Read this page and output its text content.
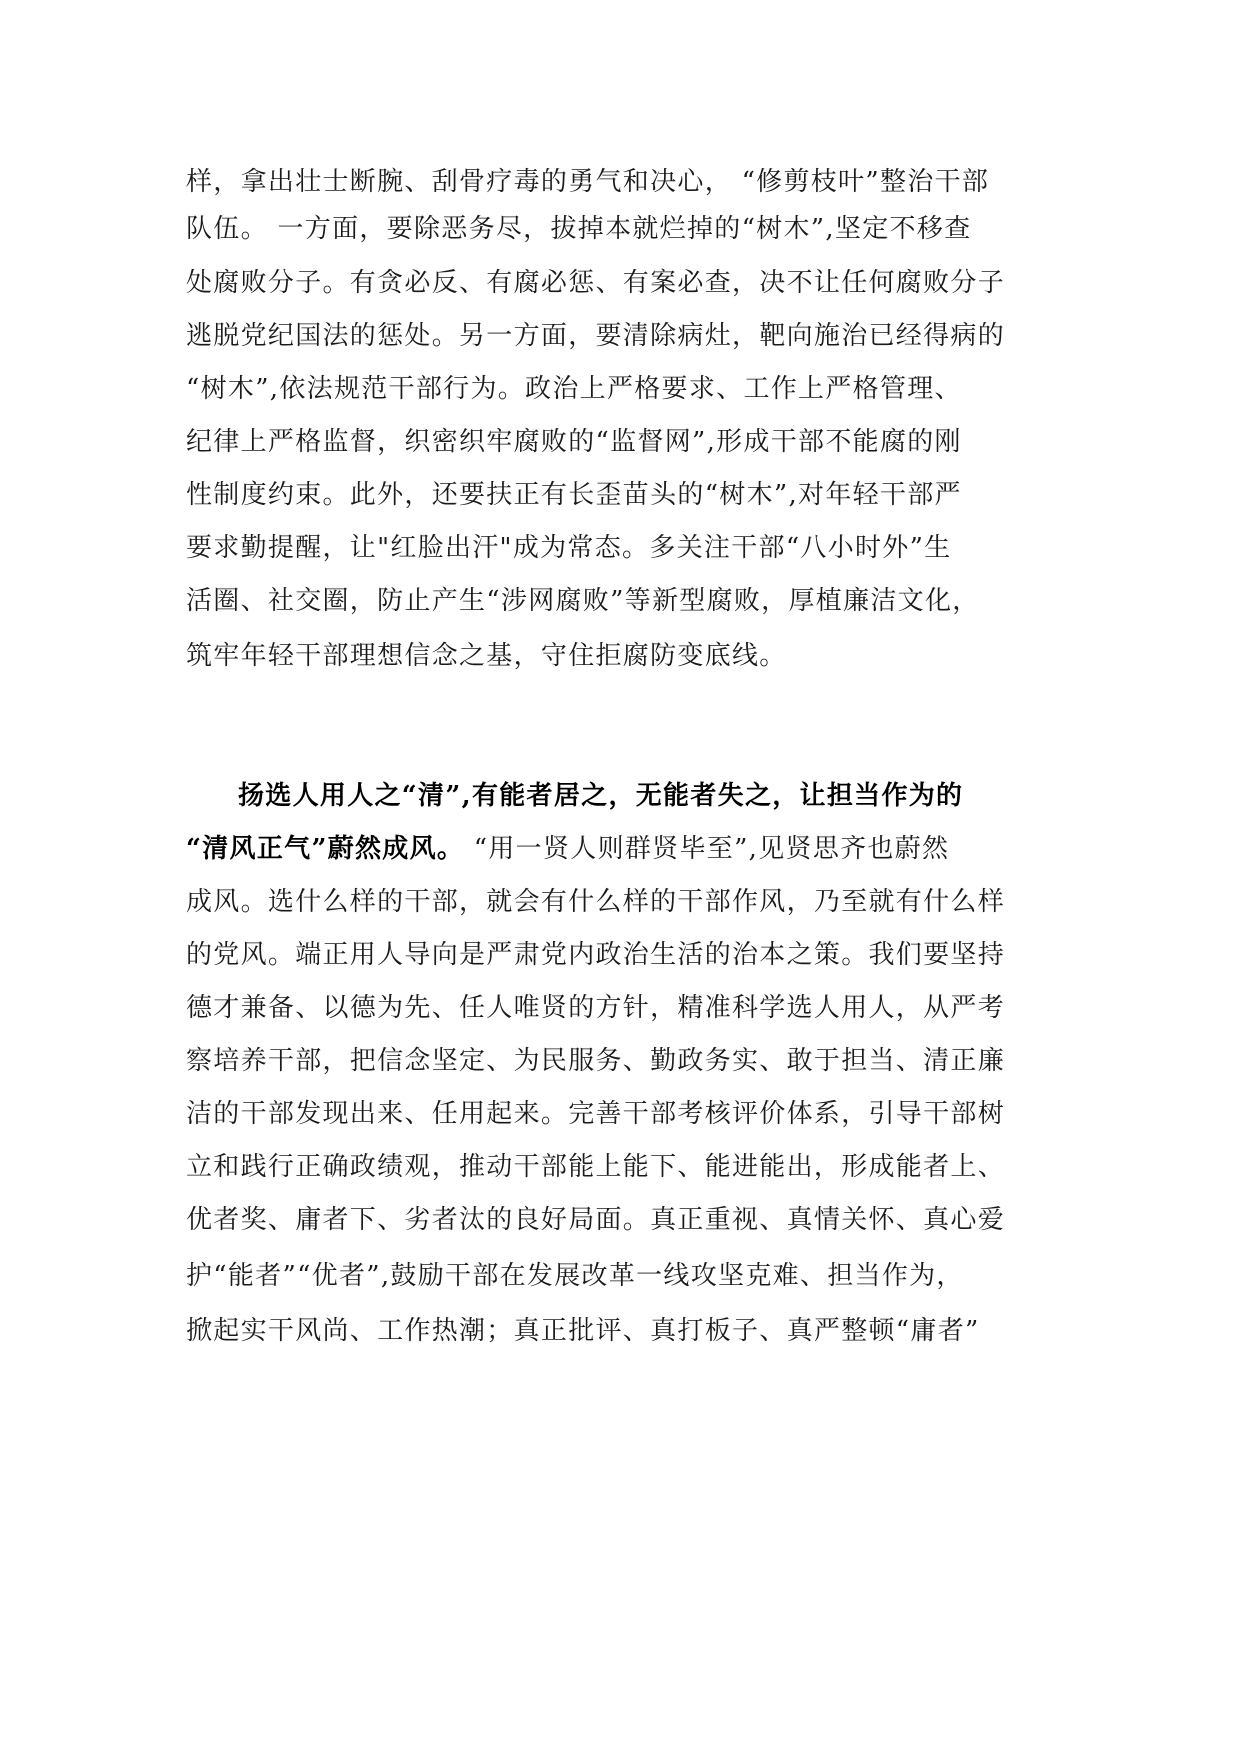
样，拿出壮士断腕、刮骨疗毒的勇气和决心， “修剪枝叶”整治干部
队伍。 一方面，要除恶务尽，拔掉本就烂掉的“树木”,坚定不移查
处腐败分子。有贪必反、有腐必惩、有案必查，决不让任何腐败分子
逃脱党纪国法的惩处。另一方面，要清除病灶，靶向施治已经得病的
“树木”,依法规范干部行为。政治上严格要求、工作上严格管理、
纪律上严格监督，织密织牢腐败的“监督网”,形成干部不能腐的刚
性制度约束。此外，还要扶正有长歪苗头的“树木”,对年轻干部严
要求勤提醒，让"红脸出汗"成为常态。多关注干部“八小时外”生
活圈、社交圈，防止产生“涉网腐败”等新型腐败，厚植廉洁文化，
筑牢年轻干部理想信念之基，守住拒腐防变底线。
扬选人用人之“清”,有能者居之，无能者失之，让担当作为的
“清风正气”蔚然成风。 “用一贤人则群贤毕至”,见贤思齐也蔚然
成风。选什么样的干部，就会有什么样的干部作风，乃至就有什么样
的党风。端正用人导向是严肃党内政治生活的治本之策。我们要坚持
德才兼备、以德为先、任人唯贤的方针，精准科学选人用人，从严考
察培养干部，把信念坚定、为民服务、勤政务实、敢于担当、清正廉
洁的干部发现出来、任用起来。完善干部考核评价体系，引导干部树
立和践行正确政绩观，推动干部能上能下、能进能出，形成能者上、
优者奖、庸者下、劣者汰的良好局面。真正重视、真情关怀、真心爱
护“能者”“优者”,鼓励干部在发展改革一线攻坚克难、担当作为，
掀起实干风尚、工作热潮；真正批评、真打板子、真严整顿“庸者”
